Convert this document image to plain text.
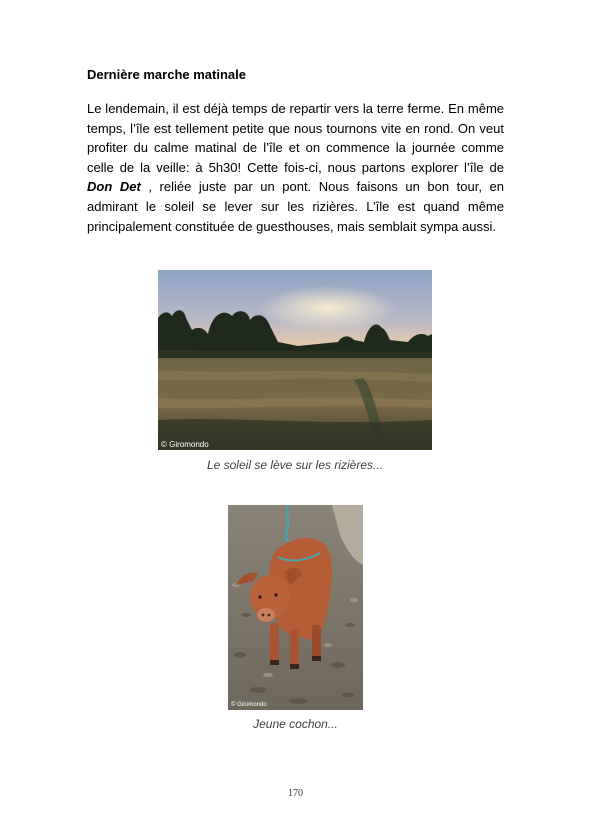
Dernière marche matinale
Le lendemain, il est déjà temps de repartir vers la terre ferme. En même temps, l’île est tellement petite que nous tournons vite en rond. On veut profiter du calme matinal de l’île et on commence la journée comme celle de la veille: à 5h30! Cette fois-ci, nous partons explorer l’île de Don Det , reliée juste par un pont. Nous faisons un bon tour, en admirant le soleil se lever sur les rizières. L’île est quand même principalement constituée de guesthouses, mais semblait sympa aussi.
© Giromondo
Le soleil se lève sur les rizières...
© Giromondo
Jeune cochon...
170
